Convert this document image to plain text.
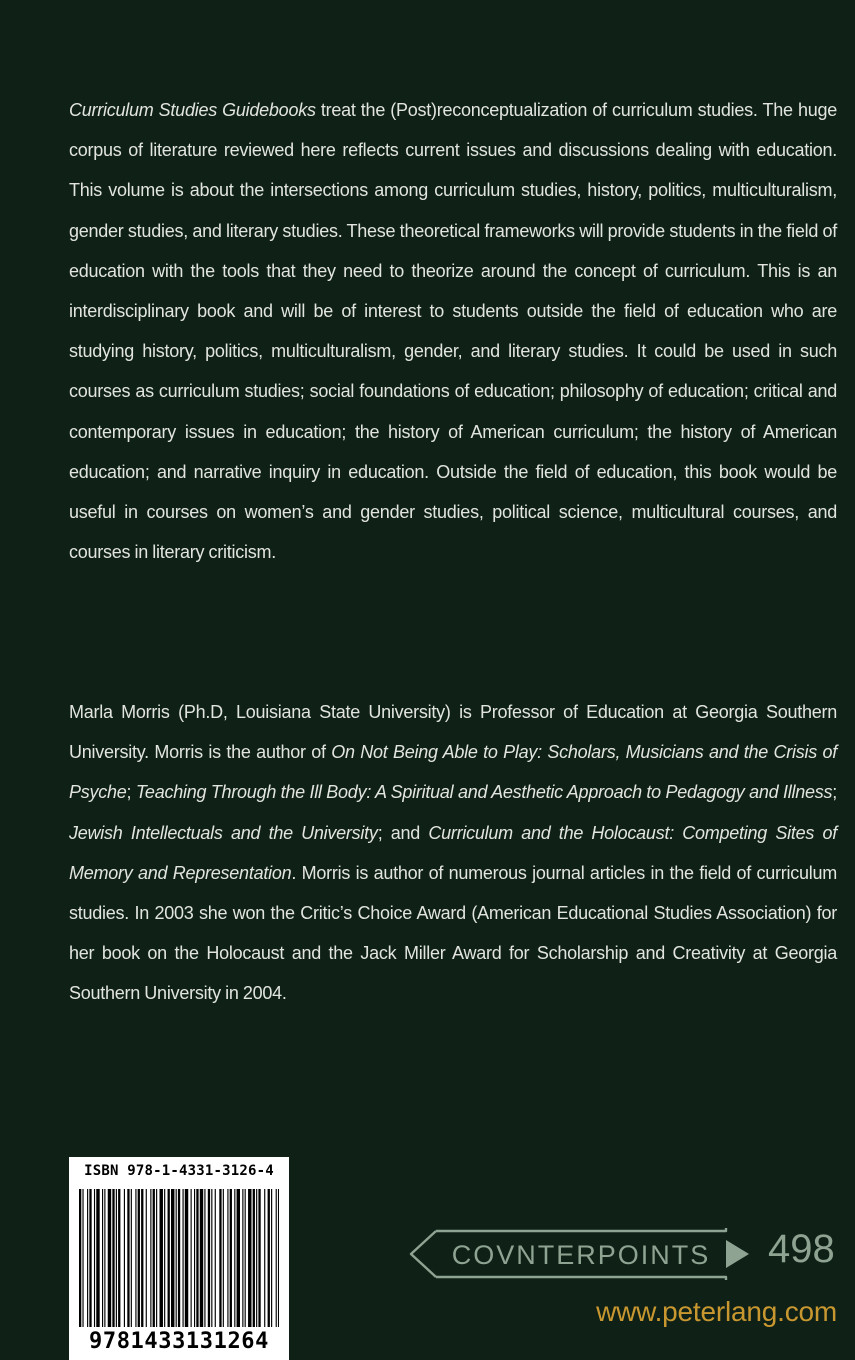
Curriculum Studies Guidebooks treat the (Post)reconceptualization of curriculum studies. The huge corpus of literature reviewed here reflects current issues and discussions dealing with education. This volume is about the intersections among curriculum studies, history, politics, multiculturalism, gender studies, and literary studies. These theoretical frameworks will provide students in the field of education with the tools that they need to theorize around the concept of curriculum. This is an interdisciplinary book and will be of interest to students outside the field of education who are studying history, politics, multiculturalism, gender, and literary studies. It could be used in such courses as curriculum studies; social foundations of education; philosophy of education; critical and contemporary issues in education; the history of American curriculum; the history of American education; and narrative inquiry in education. Outside the field of education, this book would be useful in courses on women’s and gender studies, political science, multicultural courses, and courses in literary criticism.

Marla Morris (Ph.D, Louisiana State University) is Professor of Education at Georgia Southern University. Morris is the author of On Not Being Able to Play: Scholars, Musicians and the Crisis of Psyche; Teaching Through the Ill Body: A Spiritual and Aesthetic Approach to Pedagogy and Illness; Jewish Intellectuals and the University; and Curriculum and the Holocaust: Competing Sites of Memory and Representation. Morris is author of numerous journal articles in the field of curriculum studies. In 2003 she won the Critic’s Choice Award (American Educational Studies Association) for her book on the Holocaust and the Jack Miller Award for Scholarship and Creativity at Georgia Southern University in 2004.

ISBN 978-1-4331-3126-4
9781433131264
COVNTERPOINTS 498
www.peterlang.com
